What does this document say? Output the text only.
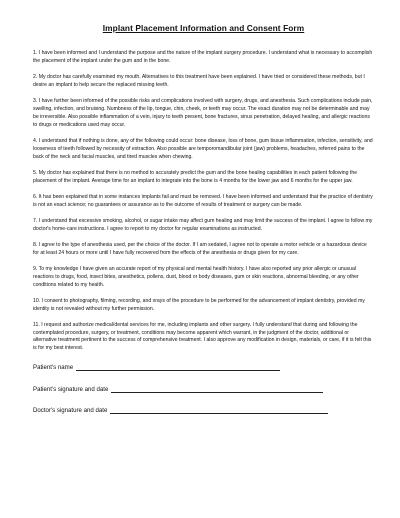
Implant Placement Information and Consent Form
1. I have been informed and I understand the purpose and the nature of the implant surgery procedure. I understand what is necessary to accomplish the placement of the implant under the gum and in the bone.
2. My doctor has carefully examined my mouth. Alternatives to this treatment have been explained. I have tried or considered these methods, but I desire an implant to help secure the replaced missing teeth.
3. I have further been informed of the possible risks and complications involved with surgery, drugs, and anesthesia. Such complications include pain, swelling, infection, and bruising. Numbness of the lip, tongue, chin, cheek, or teeth may occur. The exact duration may not be determinable and may be irreversible. Also possible inflammation of a vein, injury to teeth present, bone fractures, sinus penetration, delayed healing, and allergic reactions to drugs or medications used may occur.
4. I understand that if nothing is done, any of the following could occur: bone disease, loss of bone, gum tissue inflammation, infection, sensitivity, and looseness of teeth followed by necessity of extraction. Also possible are temporomandibular joint (jaw) problems, headaches, referred pains to the back of the neck and facial muscles, and tired muscles when chewing.
5. My doctor has explained that there is no method to accurately predict the gum and the bone healing capabilities in each patient following the placement of the implant. Average time for an implant to integrate into the bone is 4 months for the lower jaw and 6 months for the upper jaw.
6. It has been explained that in some instances implants fail and must be removed. I have been informed and understand that the practice of dentistry is not an exact science; no guarantees or assurance as to the outcome of results of treatment or surgery can be made.
7. I understand that excessive smoking, alcohol, or sugar intake may affect gum healing and may limit the success of the implant. I agree to follow my doctor's home-care instructions. I agree to report to my doctor for regular examinations as instructed.
8. I agree to the type of anesthesia used, per the choice of the doctor. If I am sedated, I agree not to operate a motor vehicle or a hazardous device for at least 24 hours or more until I have fully recovered from the effects of the anesthesia or drugs given for my care.
9. To my knowledge I have given an accurate report of my physical and mental health history. I have also reported any prior allergic or unusual reactions to drugs, food, insect bites, anesthetics, pollens, dust, blood or body diseases, gum or skin reactions, abnormal bleeding, or any other conditions related to my health.
10. I consent to photography, filming, recording, and xrays of the procedure to be performed for the advancement of implant dentistry, provided my identity is not revealed without my further permission.
11. I request and authorize medical/dental services for me, including implants and other surgery. I fully understand that during and following the contemplated procedure, surgery, or treatment, conditions may become apparent which warrant, in the judgment of the doctor, additional or alternative treatment pertinent to the success of comprehensive treatment. I also approve any modification in design, materials, or care, if it is felt this is for my best interest.
Patient's name
Patient's signature and date
Doctor's signature and date
